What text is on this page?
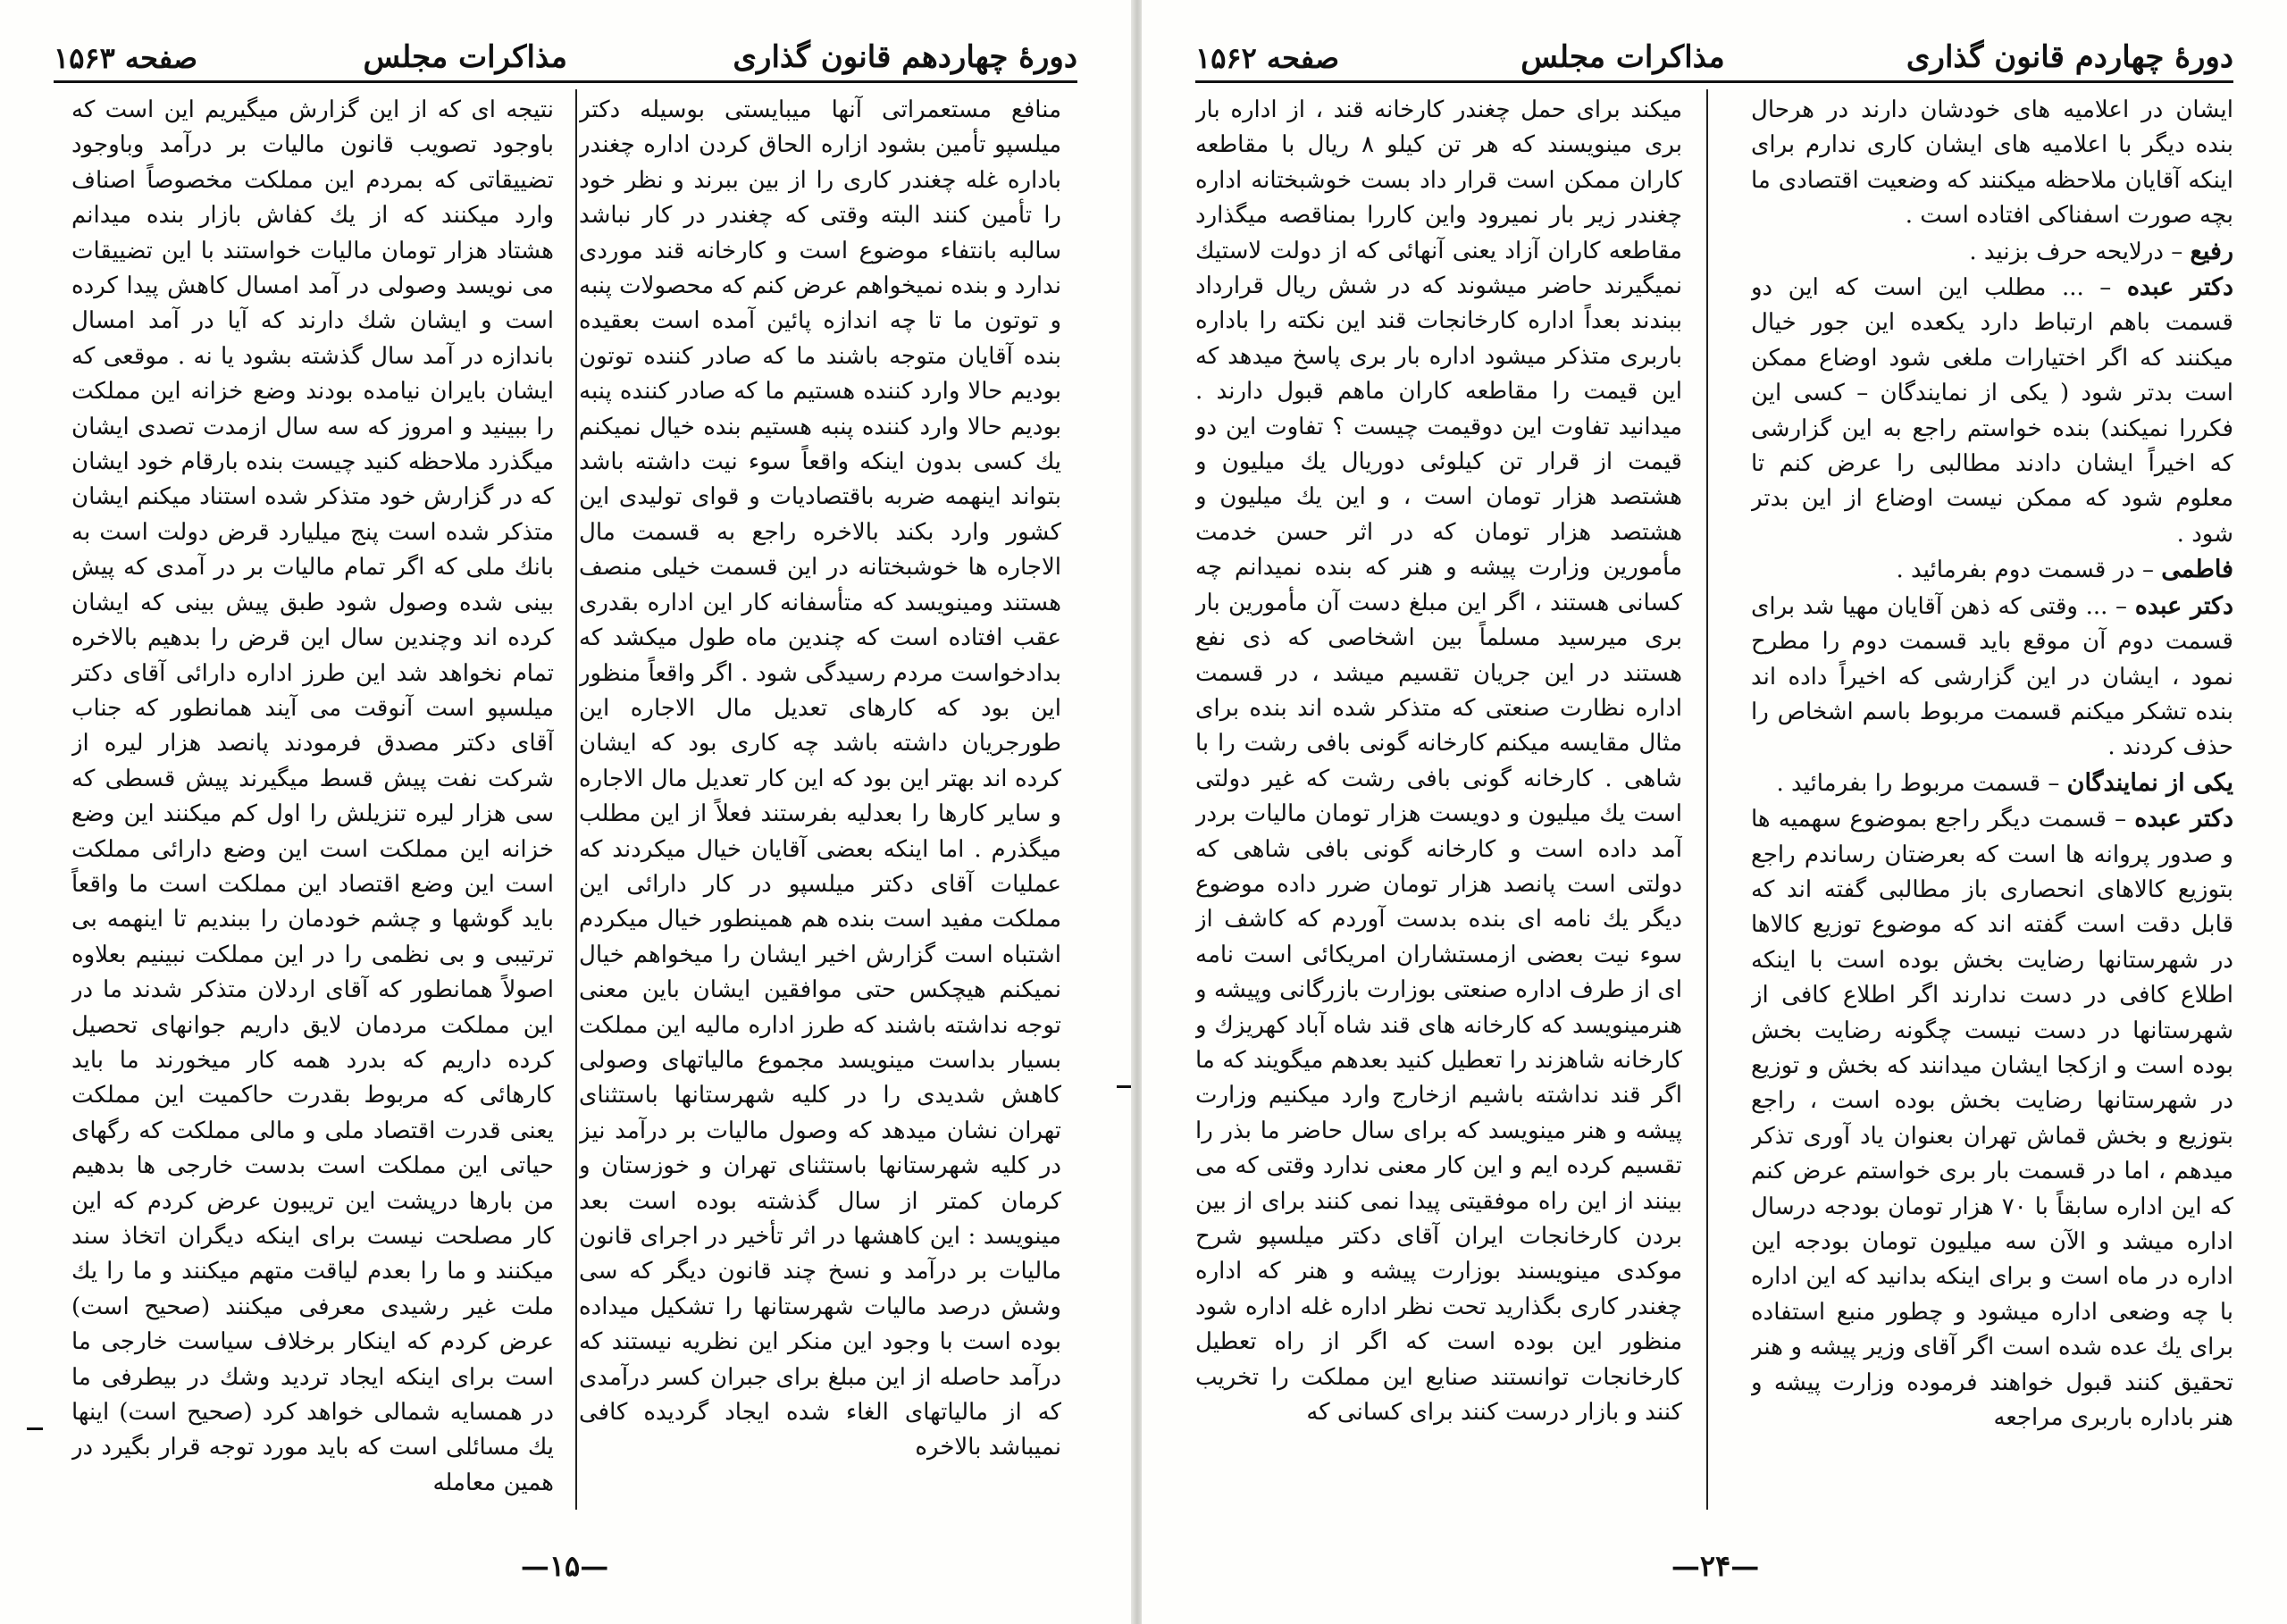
دورهٔ چهاردهم قانون گذاری
مذاکرات مجلس
صفحه ۱۵۶۳

منافع مستعمراتی آنها میبایستی بوسیله دکتر میلسپو تأمین بشود ازاره الحاق کردن اداره چغندر باداره غله چغندر کاری را از بین ببرند و نظر خود را تأمین کنند البته وقتی که چغندر در کار نباشد سالبه بانتفاء موضوع است و کارخانه قند موردی ندارد و بنده نمیخواهم عرض کنم که محصولات پنبه و توتون ما تا چه اندازه پائین آمده است بعقیده بنده آقایان متوجه باشند ما که صادر کننده توتون بودیم حالا وارد کننده هستیم ما که صادر کننده پنبه بودیم حالا وارد کننده پنبه هستیم بنده خیال نمیکنم یك کسی بدون اینکه واقعاً سوء نیت داشته باشد بتواند اینهمه ضربه باقتصادیات و قوای تولیدی این کشور وارد بکند بالاخره راجع به قسمت مال الاجاره ها خوشبختانه در این قسمت خیلی منصف هستند ومینویسد که متأسفانه کار این اداره بقدری عقب افتاده است که چندین ماه طول میکشد که بدادخواست مردم رسیدگی شود . اگر واقعاً منظور این بود که کارهای تعدیل مال الاجاره این طورجریان داشته باشد چه کاری بود که ایشان کرده اند بهتر این بود که این کار تعدیل مال الاجاره و سایر کارها را بعدلیه بفرستند فعلاً از این مطلب میگذرم . اما اینکه بعضی آقایان خیال میکردند که عملیات آقای دکتر میلسپو در کار دارائی این مملکت مفید است بنده هم همینطور خیال میکردم اشتباه است گزارش اخیر ایشان را میخواهم خیال نمیکنم هیچکس حتی موافقین ایشان باین معنی توجه نداشته باشند که طرز اداره مالیه این مملکت بسیار بداست مینویسد مجموع مالیاتهای وصولی کاهش شدیدی را در کلیه شهرستانها باستثنای تهران نشان میدهد که وصول مالیات بر درآمد نیز در کلیه شهرستانها باستثنای تهران و خوزستان و کرمان کمتر از سال گذشته بوده است بعد مینویسد : این کاهشها در اثر تأخیر در اجرای قانون مالیات بر درآمد و نسخ چند قانون دیگر که سی وشش درصد مالیات شهرستانها را تشکیل میداده بوده است با وجود این منکر این نظریه نیستند که درآمد حاصله از این مبلغ برای جبران کسر درآمدی که از مالیاتهای الغاء شده ایجاد گردیده کافی نمیباشد بالاخره

نتیجه ای که از این گزارش میگیریم این است که باوجود تصویب قانون مالیات بر درآمد وباوجود تضییقاتی که بمردم این مملکت مخصوصاً اصناف وارد میکنند که از یك کفاش بازار بنده میدانم هشتاد هزار تومان مالیات خواستند با این تضییقات می نویسد وصولی در آمد امسال کاهش پیدا کرده است و ایشان شك دارند که آیا در آمد امسال باندازه در آمد سال گذشته بشود یا نه . موقعی که ایشان بایران نیامده بودند وضع خزانه این مملکت را ببینید و امروز که سه سال ازمدت تصدی ایشان میگذرد ملاحظه کنید چیست بنده بارقام خود ایشان که در گزارش خود متذکر شده استناد میکنم ایشان متذکر شده است پنج میلیارد قرض دولت است به بانك ملی که اگر تمام مالیات بر در آمدی که پیش بینی شده وصول شود طبق پیش بینی که ایشان کرده اند وچندین سال این قرض را بدهیم بالاخره تمام نخواهد شد این طرز اداره دارائی آقای دکتر میلسپو است آنوقت می آیند همانطور که جناب آقای دکتر مصدق فرمودند پانصد هزار لیره از شرکت نفت پیش قسط میگیرند پیش قسطی که سی هزار لیره تنزیلش را اول کم میکنند این وضع خزانه این مملکت است این وضع دارائی مملکت است این وضع اقتصاد این مملکت است ما واقعاً باید گوشها و چشم خودمان را ببندیم تا اینهمه بی ترتیبی و بی نظمی را در این مملکت نبینیم بعلاوه اصولاً همانطور که آقای اردلان متذکر شدند ما در این مملکت مردمان لایق داریم جوانهای تحصیل کرده داریم که بدرد همه کار میخورند ما باید کارهائی که مربوط بقدرت حاکمیت این مملکت یعنی قدرت اقتصاد ملی و مالی مملکت که رگهای حیاتی این مملکت است بدست خارجی ها بدهیم من بارها درپشت این تریبون عرض کردم که این کار مصلحت نیست برای اینکه دیگران اتخاذ سند میکنند و ما را بعدم لیاقت متهم میکنند و ما را یك ملت غیر رشیدی معرفی میکنند (صحیح است) عرض کردم که اینکار برخلاف سیاست خارجی ما است برای اینکه ایجاد تردید وشك در بیطرفی ما در همسایه شمالی خواهد کرد (صحیح است) اینها یك مسائلی است که باید مورد توجه قرار بگیرد در همین معامله

— ۱۵ —
دورهٔ چهاردم قانون گذاری
مذاکرات مجلس
صفحه ۱۵۶۲

ایشان در اعلامیه های خودشان دارند در هرحال بنده دیگر با اعلامیه های ایشان کاری ندارم برای اینکه آقایان ملاحظه میکنند که وضعیت اقتصادی ما بچه صورت اسفناکی افتاده است .

رفیع – درلایحه حرف بزنید .

دکتر عبده – ... مطلب این است که این دو قسمت باهم ارتباط دارد یکعده این جور خیال میکنند که اگر اختیارات ملغی شود اوضاع ممکن است بدتر شود ( یکی از نمایندگان – کسی این فکررا نمیکند) بنده خواستم راجع به این گزارشی که اخیراً ایشان دادند مطالبی را عرض کنم تا معلوم شود که ممکن نیست اوضاع از این بدتر شود .

فاطمی – در قسمت دوم بفرمائید .

دکتر عبده – ... وقتی که ذهن آقایان مهیا شد برای قسمت دوم آن موقع باید قسمت دوم را مطرح نمود ، ایشان در این گزارشی که اخیراً داده اند بنده تشکر میکنم قسمت مربوط باسم اشخاص را حذف کردند .

یکی از نمایندگان – قسمت مربوط را بفرمائید .

دکتر عبده – قسمت دیگر راجع بموضوع سهمیه ها و صدور پروانه ها است که بعرضتان رساندم راجع بتوزیع کالاهای انحصاری باز مطالبی گفته اند که قابل دقت است گفته اند که موضوع توزیع کالاها در شهرستانها رضایت بخش بوده است با اینکه اطلاع کافی در دست ندارند اگر اطلاع کافی از شهرستانها در دست نیست چگونه رضایت بخش بوده است و ازکجا ایشان میدانند که بخش و توزیع در شهرستانها رضایت بخش بوده است ، راجع بتوزیع و بخش قماش تهران بعنوان یاد آوری تذکر میدهم ، اما در قسمت بار بری خواستم عرض کنم که این اداره سابقاً با ۷۰ هزار تومان بودجه درسال اداره میشد و الآن سه میلیون تومان بودجه این اداره در ماه است و برای اینکه بدانید که این اداره با چه وضعی اداره میشود و چطور منبع استفاده برای یك عده شده است اگر آقای وزیر پیشه و هنر تحقیق کنند قبول خواهند فرموده وزارت پیشه و هنر باداره باربری مراجعه

میکند برای حمل چغندر کارخانه قند ، از اداره بار بری مینویسند که هر تن کیلو ۸ ریال با مقاطعه کاران ممکن است قرار داد بست خوشبختانه اداره چغندر زیر بار نمیرود واین کاررا بمناقصه میگذارد مقاطعه کاران آزاد یعنی آنهائی که از دولت لاستیك نمیگیرند حاضر میشوند که در شش ریال قرارداد ببندند بعداً اداره کارخانجات قند این نکته را باداره باربری متذکر میشود اداره بار بری پاسخ میدهد که این قیمت را مقاطعه کاران ماهم قبول دارند . میدانید تفاوت این دوقیمت چیست ؟ تفاوت این دو قیمت از قرار تن کیلوئی دوریال یك میلیون و هشتصد هزار تومان است ، و این یك میلیون و هشتصد هزار تومان که در اثر حسن خدمت مأمورین وزارت پیشه و هنر که بنده نمیدانم چه کسانی هستند ، اگر این مبلغ دست آن مأمورین بار بری میرسید مسلماً بین اشخاصی که ذی نفع هستند در این جریان تقسیم میشد ، در قسمت اداره نظارت صنعتی که متذکر شده اند بنده برای مثال مقایسه میکنم کارخانه گونی بافی رشت را با شاهی . کارخانه گونی بافی رشت که غیر دولتی است یك میلیون و دویست هزار تومان مالیات بردر آمد داده است و کارخانه گونی بافی شاهی که دولتی است پانصد هزار تومان ضرر داده موضوع دیگر یك نامه ای بنده بدست آوردم که کاشف از سوء نیت بعضی ازمستشاران امریکائی است نامه ای از طرف اداره صنعتی بوزارت بازرگانی وپیشه و هنرمینویسد که کارخانه های قند شاه آباد کهریزك و کارخانه شاهزند را تعطیل کنید بعدهم میگویند که ما اگر قند نداشته باشیم ازخارج وارد میکنیم وزارت پیشه و هنر مینویسد که برای سال حاضر ما بذر را تقسیم کرده ایم و این کار معنی ندارد وقتی که می بینند از این راه موفقیتی پیدا نمی کنند برای از بین بردن کارخانجات ایران آقای دکتر میلسپو شرح موکدی مینویسند بوزارت پیشه و هنر که اداره چغندر کاری بگذارید تحت نظر اداره غله اداره شود منظور این بوده است که اگر از راه تعطیل کارخانجات توانستند صنایع این مملکت را تخریب کنند و بازار درست کنند برای کسانی که

— ۲۴ —
